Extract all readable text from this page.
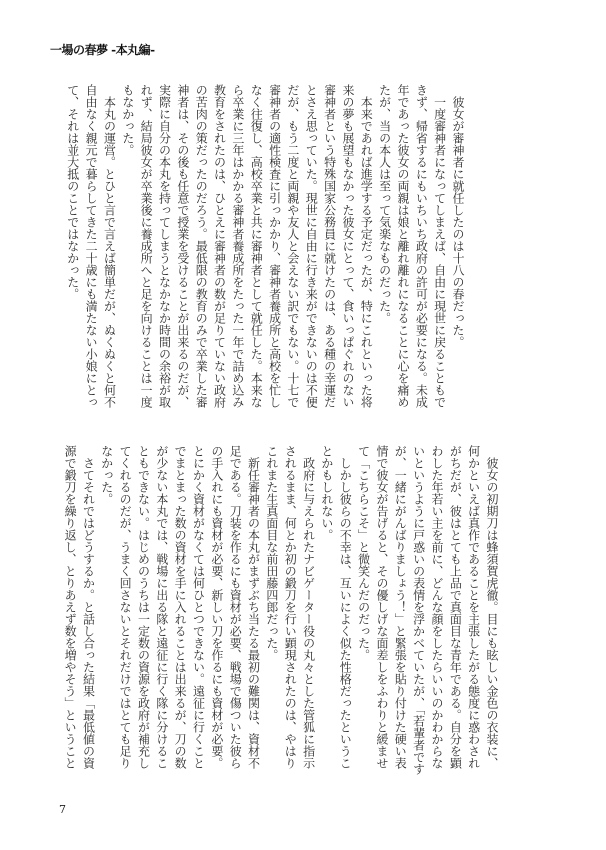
一場の春夢 -本丸編-
　彼女が審神者に就任したのは十八の春だった。
　一度審神者になってしまえば、自由に現世に戻ることもで
きず、帰省するにもいちいち政府の許可が必要になる。未成
年であった彼女の両親は娘と離れ離れになることに心を痛め
たが、当の本人は至って気楽なものだった。
　本来であれば進学する予定だったが、特にこれといった将
来の夢も展望もなかった彼女にとって、食いっぱぐれのない
審神者という特殊国家公務員に就けたのは、ある種の幸運だ
とさえ思っていた。現世に自由に行き来ができないのは不便
だが、もう二度と両親や友人と会えない訳でもない。十七で
審神者の適性検査に引っかかり、審神者養成所と高校を忙し
なく往復し、高校卒業と共に審神者として就任した。本来な
ら卒業に三年はかかる審神者養成所をたった一年で詰め込み
教育をされたのは、ひとえに審神者の数が足りていない政府
の苦肉の策だったのだろう。最低限の教育のみで卒業した審
神者は、その後も任意で授業を受けることが出来るのだが、
実際に自分の本丸を持ってしまうとなかなか時間の余裕が取
れず、結局彼女が卒業後に養成所へと足を向けることは一度
もなかった。
　本丸の運営。とひと言で言えば簡単だが、ぬくぬくと何不
自由なく親元で暮らしてきた二十歳にも満たない小娘にとっ
て、それは並大抵のことではなかった。
　彼女の初期刀は蜂須賀虎徹。目にも眩しい金色の衣装に、
何かといえば真作であることを主張したがる態度に惑わされ
がちだが、彼はとても上品で真面目な青年である。自分を顕
わした年若い主を前に、どんな顔をしたらいいのかわからな
いというように戸惑いの表情を浮かべていたが、「若輩者です
が、一緒にがんばりましょう！」と緊張を貼り付けた硬い表
情で彼女が告げると、その優しげな面差しをふわりと緩ませ
て「こちらこそ」と微笑んだのだった。
　しかし彼らの不幸は、互いによく似た性格だったというこ
とかもしれない。
　政府に与えられたナビゲーター役の丸々とした管狐に指示
されるまま、何とか初の鍛刀を行い顕現されたのは、やはり
これまた生真面目な前田藤四郎だった。
　新任審神者の本丸がまずぶち当たる最初の難関は、資材不
足である。刀装を作るにも資材が必要、戦場で傷ついた彼ら
の手入れにも資材が必要、新しい刀を作るにも資材が必要。
とにかく資材がなくては何ひとつできない。遠征に行くこと
でまとまった数の資材を手に入れることは出来るが、刀の数
が少ない本丸では、戦場に出る隊と遠征に行く隊に分けるこ
ともできない。はじめのうちは一定数の資源を政府が補充し
てくれるのだが、うまく回さないとそれだけではとても足り
なかった。
　さてそれではどうするか。と話し合った結果「最低値の資
源で鍛刀を繰り返し、とりあえず数を増やそう」ということ
7
